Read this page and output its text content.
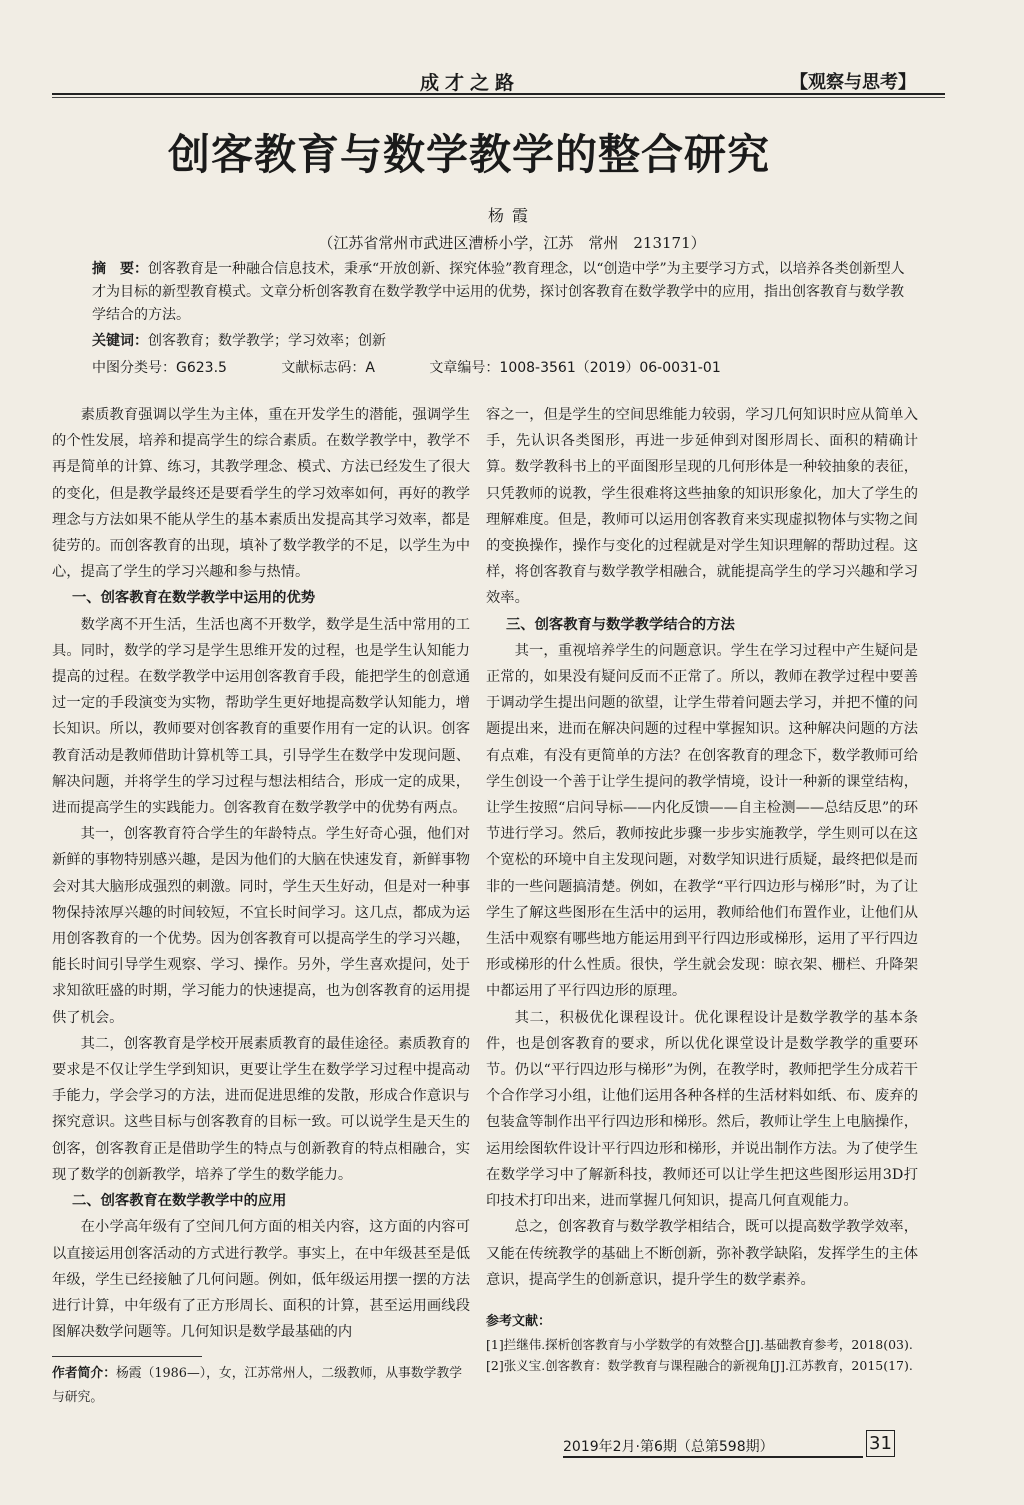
成才之路	【观察与思考】
创客教育与数学教学的整合研究
杨霞
（江苏省常州市武进区漕桥小学，江苏　常州　213171）
摘　要：创客教育是一种融合信息技术，秉承“开放创新、探究体验”教育理念，以“创造中学”为主要学习方式，以培养各类创新型人才为目标的新型教育模式。文章分析创客教育在数学教学中运用的优势，探讨创客教育在数学教学中的应用，指出创客教育与数学教学结合的方法。
关键词：创客教育；数学教学；学习效率；创新
中图分类号：G623.5	文献标志码：A	文章编号：1008-3561（2019）06-0031-01

素质教育强调以学生为主体，重在开发学生的潜能，强调学生的个性发展，培养和提高学生的综合素质。在数学教学中，教学不再是简单的计算、练习，其教学理念、模式、方法已经发生了很大的变化，但是教学最终还是要看学生的学习效率如何，再好的教学理念与方法如果不能从学生的基本素质出发提高其学习效率，都是徒劳的。而创客教育的出现，填补了数学教学的不足，以学生为中心，提高了学生的学习兴趣和参与热情。

一、创客教育在数学教学中运用的优势

数学离不开生活，生活也离不开数学，数学是生活中常用的工具。同时，数学的学习是学生思维开发的过程，也是学生认知能力提高的过程。在数学教学中运用创客教育手段，能把学生的创意通过一定的手段演变为实物，帮助学生更好地提高数学认知能力，增长知识。所以，教师要对创客教育的重要作用有一定的认识。创客教育活动是教师借助计算机等工具，引导学生在数学中发现问题、解决问题，并将学生的学习过程与想法相结合，形成一定的成果，进而提高学生的实践能力。创客教育在数学教学中的优势有两点。

其一，创客教育符合学生的年龄特点。学生好奇心强，他们对新鲜的事物特别感兴趣，是因为他们的大脑在快速发育，新鲜事物会对其大脑形成强烈的刺激。同时，学生天生好动，但是对一种事物保持浓厚兴趣的时间较短，不宜长时间学习。这几点，都成为运用创客教育的一个优势。因为创客教育可以提高学生的学习兴趣，能长时间引导学生观察、学习、操作。另外，学生喜欢提问，处于求知欲旺盛的时期，学习能力的快速提高，也为创客教育的运用提供了机会。

其二，创客教育是学校开展素质教育的最佳途径。素质教育的要求是不仅让学生学到知识，更要让学生在数学学习过程中提高动手能力，学会学习的方法，进而促进思维的发散，形成合作意识与探究意识。这些目标与创客教育的目标一致。可以说学生是天生的创客，创客教育正是借助学生的特点与创新教育的特点相融合，实现了数学的创新教学，培养了学生的数学能力。

二、创客教育在数学教学中的应用

在小学高年级有了空间几何方面的相关内容，这方面的内容可以直接运用创客活动的方式进行教学。事实上，在中年级甚至是低年级，学生已经接触了几何问题。例如，低年级运用摆一摆的方法进行计算，中年级有了正方形周长、面积的计算，甚至运用画线段图解决数学问题等。几何知识是数学最基础的内

容之一，但是学生的空间思维能力较弱，学习几何知识时应从简单入手，先认识各类图形，再进一步延伸到对图形周长、面积的精确计算。数学教科书上的平面图形呈现的几何形体是一种较抽象的表征，只凭教师的说教，学生很难将这些抽象的知识形象化，加大了学生的理解难度。但是，教师可以运用创客教育来实现虚拟物体与实物之间的变换操作，操作与变化的过程就是对学生知识理解的帮助过程。这样，将创客教育与数学教学相融合，就能提高学生的学习兴趣和学习效率。

三、创客教育与数学教学结合的方法

其一，重视培养学生的问题意识。学生在学习过程中产生疑问是正常的，如果没有疑问反而不正常了。所以，教师在教学过程中要善于调动学生提出问题的欲望，让学生带着问题去学习，并把不懂的问题提出来，进而在解决问题的过程中掌握知识。这种解决问题的方法有点难，有没有更简单的方法？在创客教育的理念下，数学教师可给学生创设一个善于让学生提问的教学情境，设计一种新的课堂结构，让学生按照“启问导标——内化反馈——自主检测——总结反思”的环节进行学习。然后，教师按此步骤一步步实施教学，学生则可以在这个宽松的环境中自主发现问题，对数学知识进行质疑，最终把似是而非的一些问题搞清楚。例如，在教学“平行四边形与梯形”时，为了让学生了解这些图形在生活中的运用，教师给他们布置作业，让他们从生活中观察有哪些地方能运用到平行四边形或梯形，运用了平行四边形或梯形的什么性质。很快，学生就会发现：晾衣架、栅栏、升降架中都运用了平行四边形的原理。

其二，积极优化课程设计。优化课程设计是数学教学的基本条件，也是创客教育的要求，所以优化课堂设计是数学教学的重要环节。仍以“平行四边形与梯形”为例，在教学时，教师把学生分成若干个合作学习小组，让他们运用各种各样的生活材料如纸、布、废弃的包装盒等制作出平行四边形和梯形。然后，教师让学生上电脑操作，运用绘图软件设计平行四边形和梯形，并说出制作方法。为了使学生在数学学习中了解新科技，教师还可以让学生把这些图形运用3D打印技术打印出来，进而掌握几何知识，提高几何直观能力。

总之，创客教育与数学教学相结合，既可以提高数学教学效率，又能在传统教学的基础上不断创新，弥补教学缺陷，发挥学生的主体意识，提高学生的创新意识，提升学生的数学素养。

参考文献：
[1]拦继伟.探析创客教育与小学数学的有效整合[J].基础教育参考，2018(03).
[2]张义宝.创客教育：数学教育与课程融合的新视角[J].江苏教育，2015(17).
作者简介：杨霞（1986—），女，江苏常州人，二级教师，从事数学教学与研究。
2019年2月·第6期（总第598期）	31
